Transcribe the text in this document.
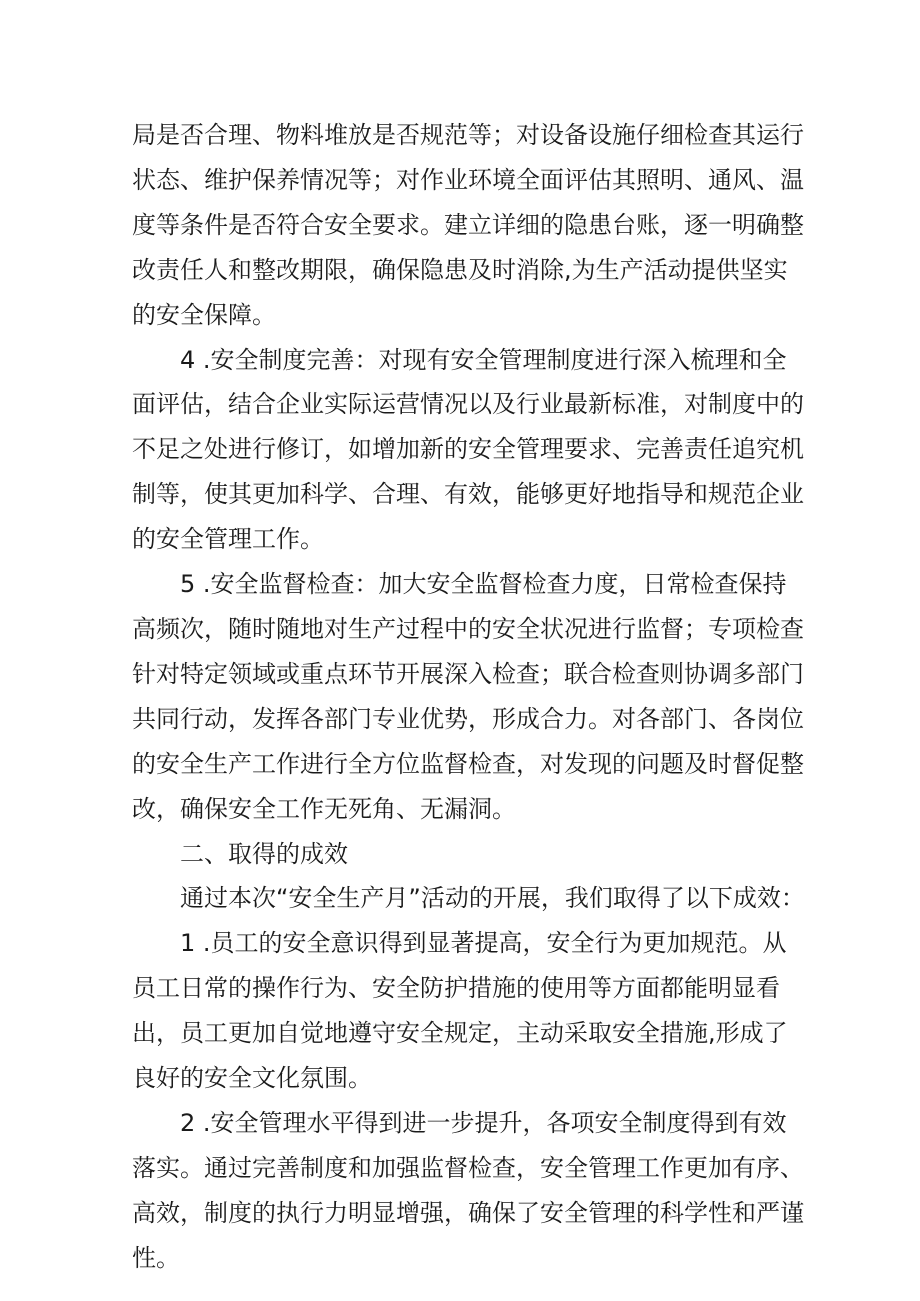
局是否合理、物料堆放是否规范等；对设备设施仔细检查其运行状态、维护保养情况等；对作业环境全面评估其照明、通风、温度等条件是否符合安全要求。建立详细的隐患台账，逐一明确整改责任人和整改期限，确保隐患及时消除,为生产活动提供坚实的安全保障。

4 .安全制度完善：对现有安全管理制度进行深入梳理和全面评估，结合企业实际运营情况以及行业最新标准，对制度中的不足之处进行修订，如增加新的安全管理要求、完善责任追究机制等，使其更加科学、合理、有效，能够更好地指导和规范企业的安全管理工作。

5 .安全监督检查：加大安全监督检查力度，日常检查保持高频次，随时随地对生产过程中的安全状况进行监督；专项检查针对特定领域或重点环节开展深入检查；联合检查则协调多部门共同行动，发挥各部门专业优势，形成合力。对各部门、各岗位的安全生产工作进行全方位监督检查，对发现的问题及时督促整改，确保安全工作无死角、无漏洞。

二、取得的成效

通过本次“安全生产月”活动的开展，我们取得了以下成效：

1 .员工的安全意识得到显著提高，安全行为更加规范。从员工日常的操作行为、安全防护措施的使用等方面都能明显看出，员工更加自觉地遵守安全规定，主动采取安全措施,形成了良好的安全文化氛围。

2 .安全管理水平得到进一步提升，各项安全制度得到有效落实。通过完善制度和加强监督检查，安全管理工作更加有序、高效，制度的执行力明显增强，确保了安全管理的科学性和严谨性。
